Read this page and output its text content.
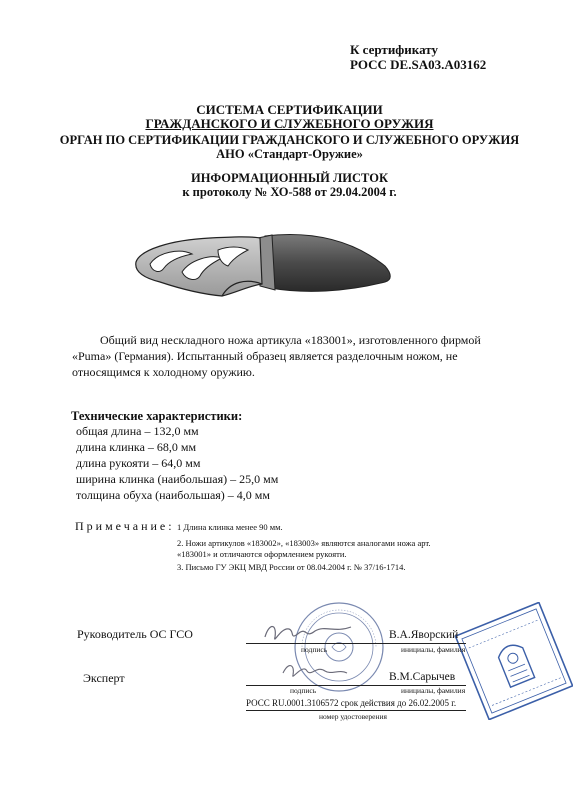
К сертификату
РОСС DE.SA03.A03162
СИСТЕМА СЕРТИФИКАЦИИ
ГРАЖДАНСКОГО И СЛУЖЕБНОГО ОРУЖИЯ
ОРГАН ПО СЕРТИФИКАЦИИ ГРАЖДАНСКОГО И СЛУЖЕБНОГО ОРУЖИЯ
АНО «Стандарт-Оружие»
ИНФОРМАЦИОННЫЙ ЛИСТОК
к протоколу № ХО-588 от 29.04.2004 г.
Общий вид нескладного ножа артикула «183001», изготовленного фирмой
«Puma» (Германия). Испытанный образец является разделочным ножом, не
относящимся к холодному оружию.
Технические характеристики:
общая длина – 132,0 мм
длина клинка – 68,0 мм
длина рукояти – 64,0 мм
ширина клинка (наибольшая) – 25,0 мм
толщина обуха (наибольшая) – 4,0 мм
Примечание: 1 Длина клинка менее 90 мм.
2. Ножи артикулов «183002», «183003» являются аналогами ножа арт.
«183001» и отличаются оформлением рукояти.
3. Письмо ГУ ЭКЦ МВД России от 08.04.2004 г. № 37/16-1714.
Руководитель ОС ГСО	В.А.Яворский
подпись	инициалы, фамилия
Эксперт	В.М.Сарычев
подпись	инициалы, фамилия
РОСС RU.0001.3106572 срок действия до 26.02.2005 г.
номер удостоверения
